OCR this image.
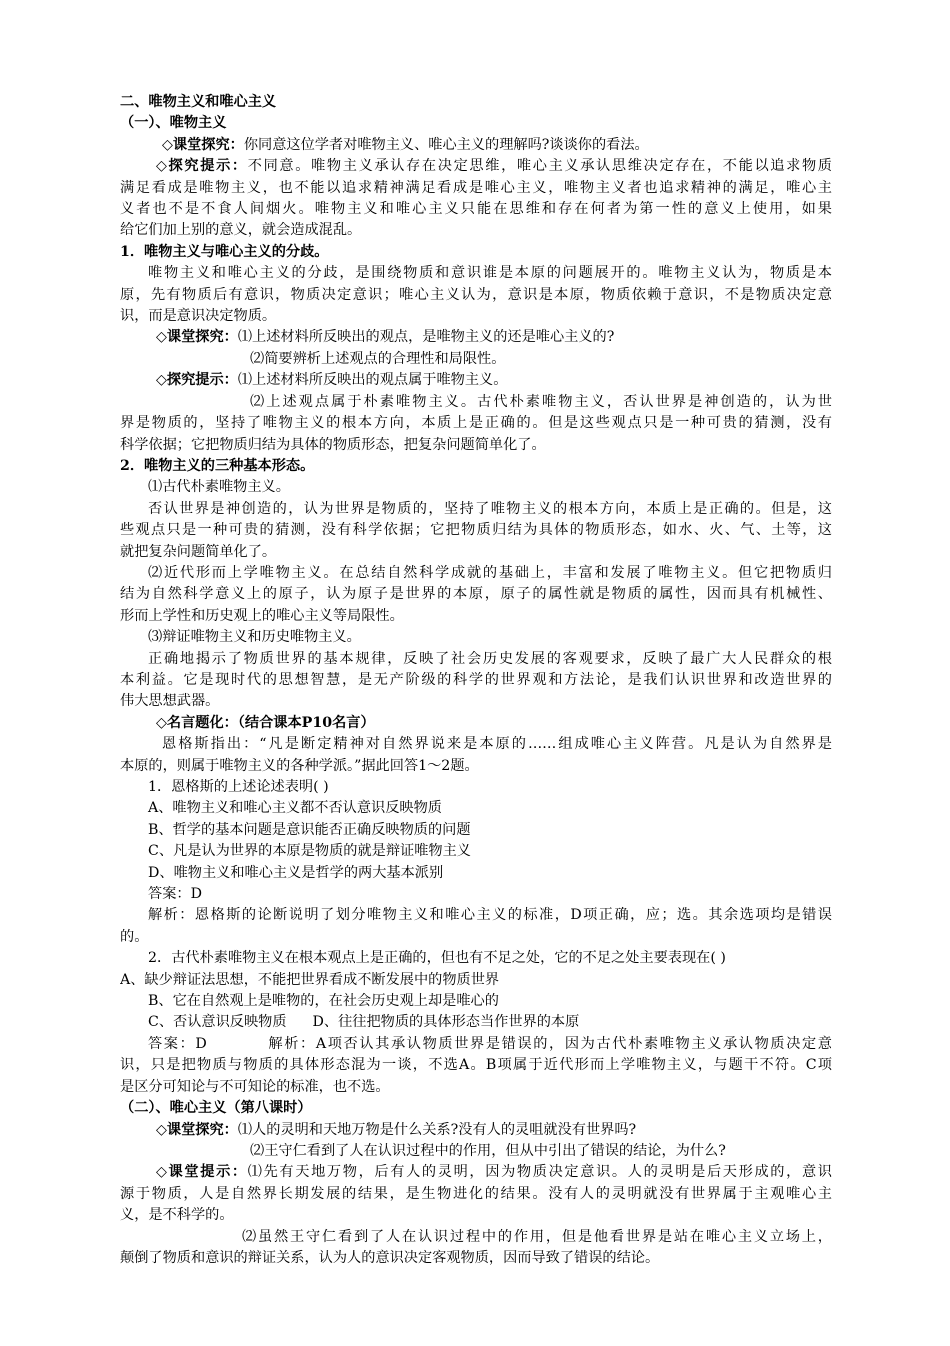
二、唯物主义和唯心主义
（一）、唯物主义
◇课堂探究：你同意这位学者对唯物主义、唯心主义的理解吗?谈谈你的看法。
◇探究提示：不同意。唯物主义承认存在决定思维，唯心主义承认思维决定存在，不能以追求物质
满足看成是唯物主义，也不能以追求精神满足看成是唯心主义，唯物主义者也追求精神的满足，唯心主
义者也不是不食人间烟火。唯物主义和唯心主义只能在思维和存在何者为第一性的意义上使用，如果
给它们加上别的意义，就会造成混乱。
1．唯物主义与唯心主义的分歧。
唯物主义和唯心主义的分歧，是围绕物质和意识谁是本原的问题展开的。唯物主义认为，物质是本
原，先有物质后有意识，物质决定意识；唯心主义认为，意识是本原，物质依赖于意识，不是物质决定意
识，而是意识决定物质。
◇课堂探究：⑴上述材料所反映出的观点，是唯物主义的还是唯心主义的?
⑵简要辨析上述观点的合理性和局限性。
◇探究提示：⑴上述材料所反映出的观点属于唯物主义。
⑵上述观点属于朴素唯物主义。古代朴素唯物主义，否认世界是神创造的，认为世
界是物质的，坚持了唯物主义的根本方向，本质上是正确的。但是这些观点只是一种可贵的猜测，没有
科学依据；它把物质归结为具体的物质形态，把复杂问题简单化了。
2．唯物主义的三种基本形态。
⑴古代朴素唯物主义。
否认世界是神创造的，认为世界是物质的，坚持了唯物主义的根本方向，本质上是正确的。但是，这
些观点只是一种可贵的猜测，没有科学依据；它把物质归结为具体的物质形态，如水、火、气、土等，这
就把复杂问题简单化了。
⑵近代形而上学唯物主义。在总结自然科学成就的基础上，丰富和发展了唯物主义。但它把物质归
结为自然科学意义上的原子，认为原子是世界的本原，原子的属性就是物质的属性，因而具有机械性、
形而上学性和历史观上的唯心主义等局限性。
⑶辩证唯物主义和历史唯物主义。
正确地揭示了物质世界的基本规律，反映了社会历史发展的客观要求，反映了最广大人民群众的根
本利益。它是现时代的思想智慧，是无产阶级的科学的世界观和方法论，是我们认识世界和改造世界的
伟大思想武器。
◇名言题化：（结合课本P10名言）
恩格斯指出：“凡是断定精神对自然界说来是本原的……组成唯心主义阵营。凡是认为自然界是
本原的，则属于唯物主义的各种学派。”据此回答1～2题。
1．恩格斯的上述论述表明( )
A、唯物主义和唯心主义都不否认意识反映物质
B、哲学的基本问题是意识能否正确反映物质的问题
C、凡是认为世界的本原是物质的就是辩证唯物主义
D、唯物主义和唯心主义是哲学的两大基本派别
答案：D
解析：恩格斯的论断说明了划分唯物主义和唯心主义的标准，D项正确，应；选。其余选项均是错误
的。
2．古代朴素唯物主义在根本观点上是正确的，但也有不足之处，它的不足之处主要表现在( )
A、缺少辩证法思想，不能把世界看成不断发展中的物质世界
B、它在自然观上是唯物的，在社会历史观上却是唯心的
C、否认意识反映物质 D、往往把物质的具体形态当作世界的本原
答案：D	解析：A项否认其承认物质世界是错误的，因为古代朴素唯物主义承认物质决定意
识，只是把物质与物质的具体形态混为一谈，不选A。B项属于近代形而上学唯物主义，与题干不符。C项
是区分可知论与不可知论的标准，也不选。
（二）、唯心主义（第八课时）
◇课堂探究：⑴人的灵明和天地万物是什么关系?没有人的灵咀就没有世界吗?
⑵王守仁看到了人在认识过程中的作用，但从中引出了错误的结论，为什么?
◇课堂提示：⑴先有天地万物，后有人的灵明，因为物质决定意识。人的灵明是后天形成的，意识
源于物质，人是自然界长期发展的结果，是生物进化的结果。没有人的灵明就没有世界属于主观唯心主
义，是不科学的。
⑵虽然王守仁看到了人在认识过程中的作用，但是他看世界是站在唯心主义立场上，
颠倒了物质和意识的辩证关系，认为人的意识决定客观物质，因而导致了错误的结论。
